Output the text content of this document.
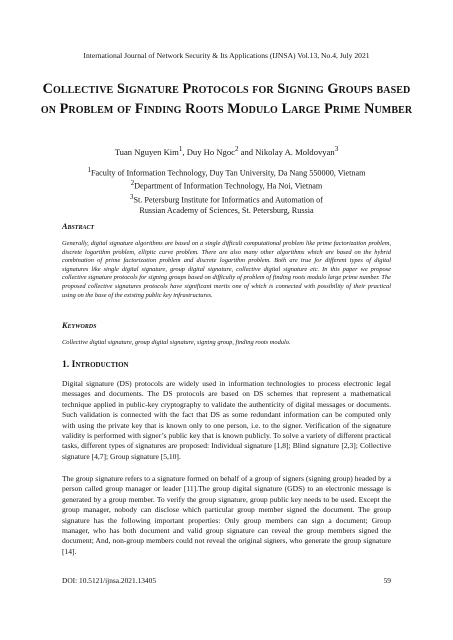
International Journal of Network Security & Its Applications (IJNSA) Vol.13, No.4, July 2021
Collective Signature Protocols for Signing Groups based on Problem of Finding Roots Modulo Large Prime Number
Tuan Nguyen Kim$^1$, Duy Ho Ngoc$^2$ and Nikolay A. Moldovyan$^3$
$^1$Faculty of Information Technology, Duy Tan University, Da Nang 550000, Vietnam
$^2$Department of Information Technology, Ha Noi, Vietnam
$^3$St. Petersburg Institute for Informatics and Automation of
Russian Academy of Sciences, St. Petersburg, Russia
Abstract

Generally, digital signature algorithms are based on a single difficult computational problem like prime factorization problem, discrete logarithm problem, elliptic curve problem. There are also many other algorithms which are based on the hybrid combination of prime factorization problem and discrete logarithm problem. Both are true for different types of digital signatures like single digital signature, group digital signature, collective digital signature etc. In this paper we propose collective signature protocols for signing groups based on difficulty of problem of finding roots modulo large prime number. The proposed collective signatures protocols have significant merits one of which is connected with possibility of their practical using on the base of the existing public key infrastructures.

Keywords

Collective digital signature, group digital signature, signing group, finding roots modulo.

1. Introduction

Digital signature (DS) protocols are widely used in information technologies to process electronic legal messages and documents. The DS protocols are based on DS schemes that represent a mathematical technique applied in public-key cryptography to validate the authenticity of digital messages or documents. Such validation is connected with the fact that DS as some redundant information can be computed only with using the private key that is known only to one person, i.e. to the signer. Verification of the signature validity is performed with signer’s public key that is known publicly. To solve a variety of different practical tasks, different types of signatures are proposed: Individual signature [1,8]; Blind signature [2,3]; Collective signature [4,7]; Group signature [5,10].

The group signature refers to a signature formed on behalf of a group of signers (signing group) headed by a person called group manager or leader [11].The group digital signature (GDS) to an electronic message is generated by a group member. To verify the group signature, group public key needs to be used. Except the group manager, nobody can disclose which particular group member signed the document. The group signature has the following important properties: Only group members can sign a document; Group manager, who has both document and valid group signature can reveal the group members signed the document; And, non-group members could not reveal the original signers, who generate the group signature [14].

DOI: 10.5121/ijnsa.2021.13405	59
